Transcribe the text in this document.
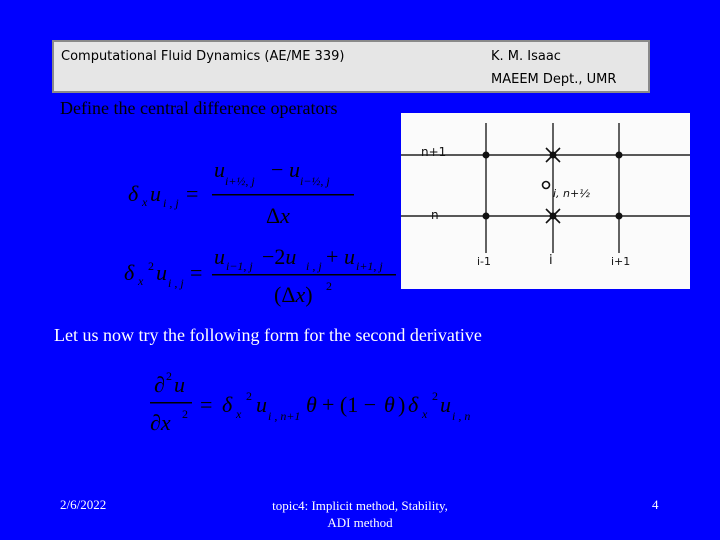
Computational Fluid Dynamics (AE/ME 339)	K. M. Isaac
MAEEM Dept., UMR
Define the central difference operators
δ x u i , j =
u i+½, j − u i−½, j
Δx
δ x
2 u i , j =
u i−1, j −2u i , j + u i+1, j
(Δx) 2
n+1
n
i-1	i	i+1
i, n+½
Let us now try the following form for the second derivative
∂ 2 u
∂x 2 = δ x
2 u i , n+1 θ + (1 − θ ) δ x
2 u i , n
2/6/2022	topic4: Implicit method, Stability,
ADI method
4
